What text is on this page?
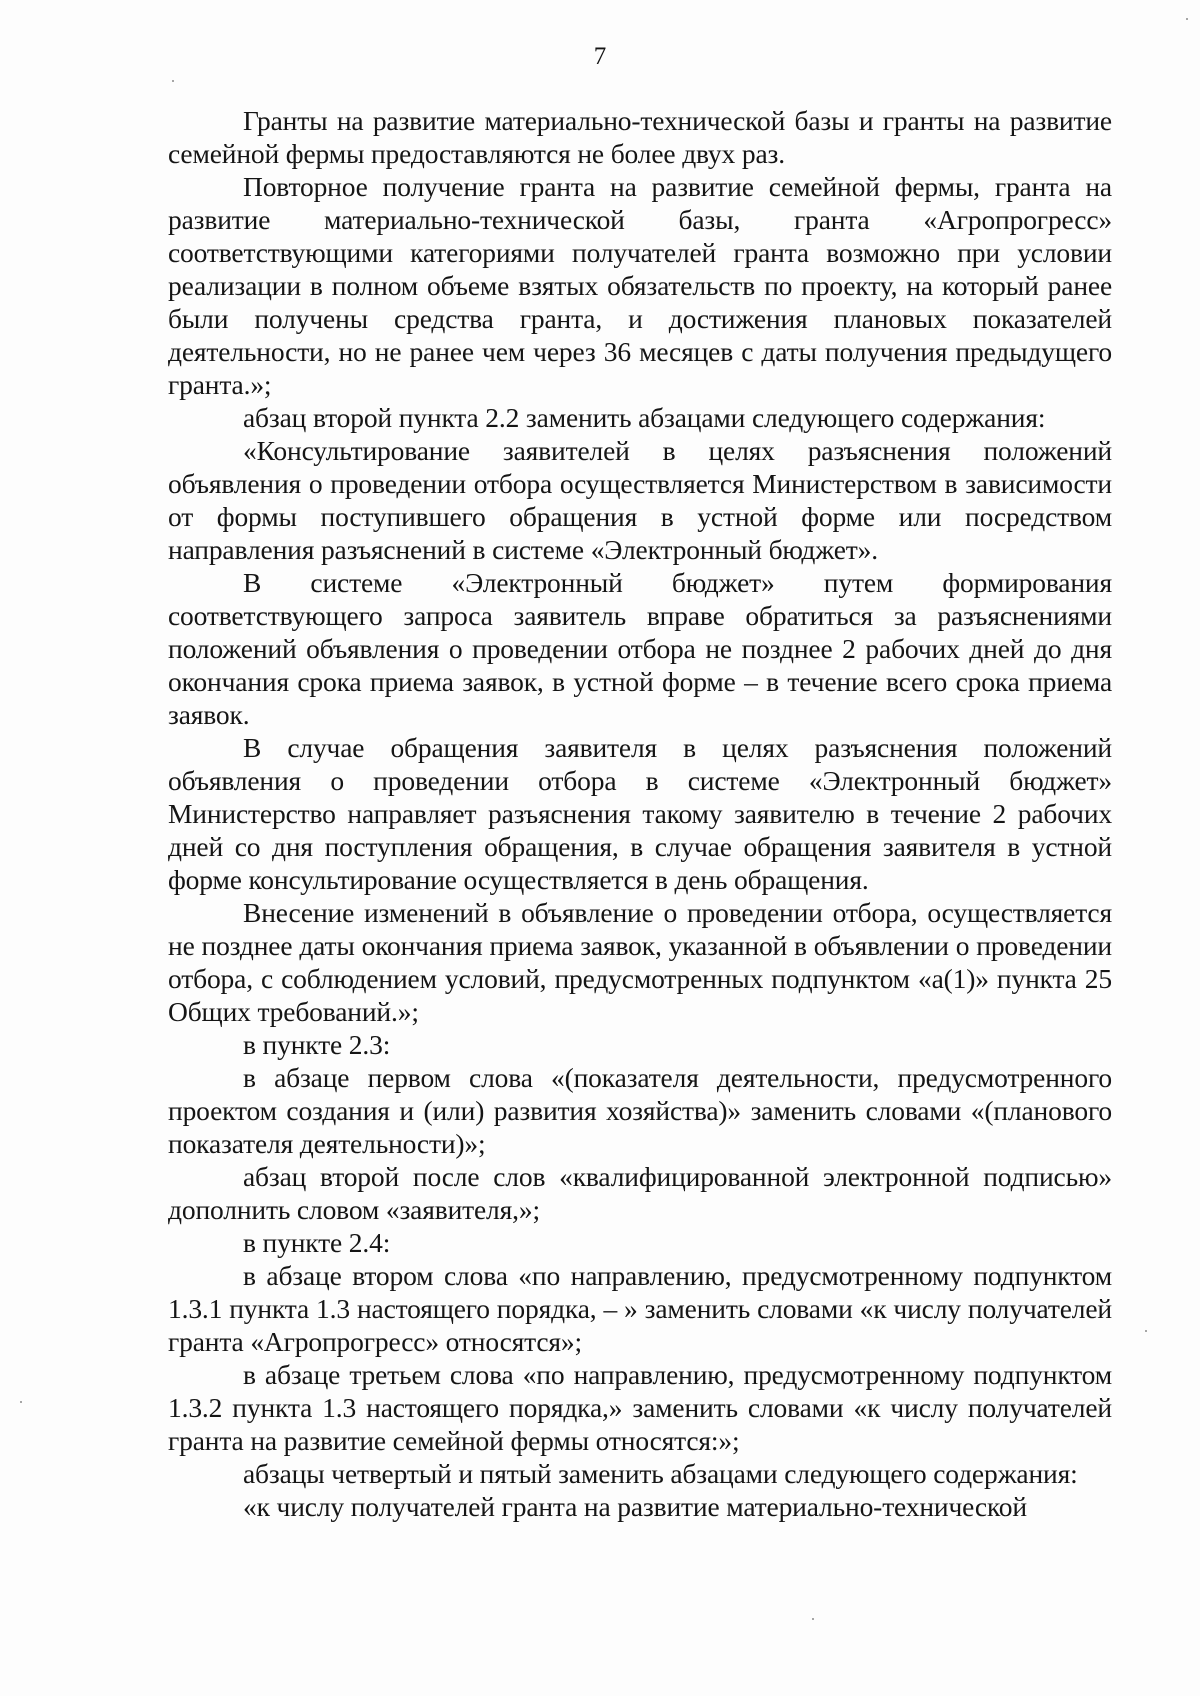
7

Гранты на развитие материально-технической базы и гранты на развитие семейной фермы предоставляются не более двух раз.

Повторное получение гранта на развитие семейной фермы, гранта на развитие материально-технической базы, гранта «Агропрогресс» соответствующими категориями получателей гранта возможно при условии реализации в полном объеме взятых обязательств по проекту, на который ранее были получены средства гранта, и достижения плановых показателей деятельности, но не ранее чем через 36 месяцев с даты получения предыдущего гранта.»;

абзац второй пункта 2.2 заменить абзацами следующего содержания:

«Консультирование заявителей в целях разъяснения положений объявления о проведении отбора осуществляется Министерством в зависимости от формы поступившего обращения в устной форме или посредством направления разъяснений в системе «Электронный бюджет».

В системе «Электронный бюджет» путем формирования соответствующего запроса заявитель вправе обратиться за разъяснениями положений объявления о проведении отбора не позднее 2 рабочих дней до дня окончания срока приема заявок, в устной форме – в течение всего срока приема заявок.

В случае обращения заявителя в целях разъяснения положений объявления о проведении отбора в системе «Электронный бюджет» Министерство направляет разъяснения такому заявителю в течение 2 рабочих дней со дня поступления обращения, в случае обращения заявителя в устной форме консультирование осуществляется в день обращения.

Внесение изменений в объявление о проведении отбора, осуществляется не позднее даты окончания приема заявок, указанной в объявлении о проведении отбора, с соблюдением условий, предусмотренных подпунктом «а(1)» пункта 25 Общих требований.»;

в пункте 2.3:

в абзаце первом слова «(показателя деятельности, предусмотренного проектом создания и (или) развития хозяйства)» заменить словами «(планового показателя деятельности)»;

абзац второй после слов «квалифицированной электронной подписью» дополнить словом «заявителя,»;

в пункте 2.4:

в абзаце втором слова «по направлению, предусмотренному подпунктом 1.3.1 пункта 1.3 настоящего порядка, – » заменить словами «к числу получателей гранта «Агропрогресс» относятся»;

в абзаце третьем слова «по направлению, предусмотренному подпунктом 1.3.2 пункта 1.3 настоящего порядка,» заменить словами «к числу получателей гранта на развитие семейной фермы относятся:»;

абзацы четвертый и пятый заменить абзацами следующего содержания:

«к числу получателей гранта на развитие материально-технической
